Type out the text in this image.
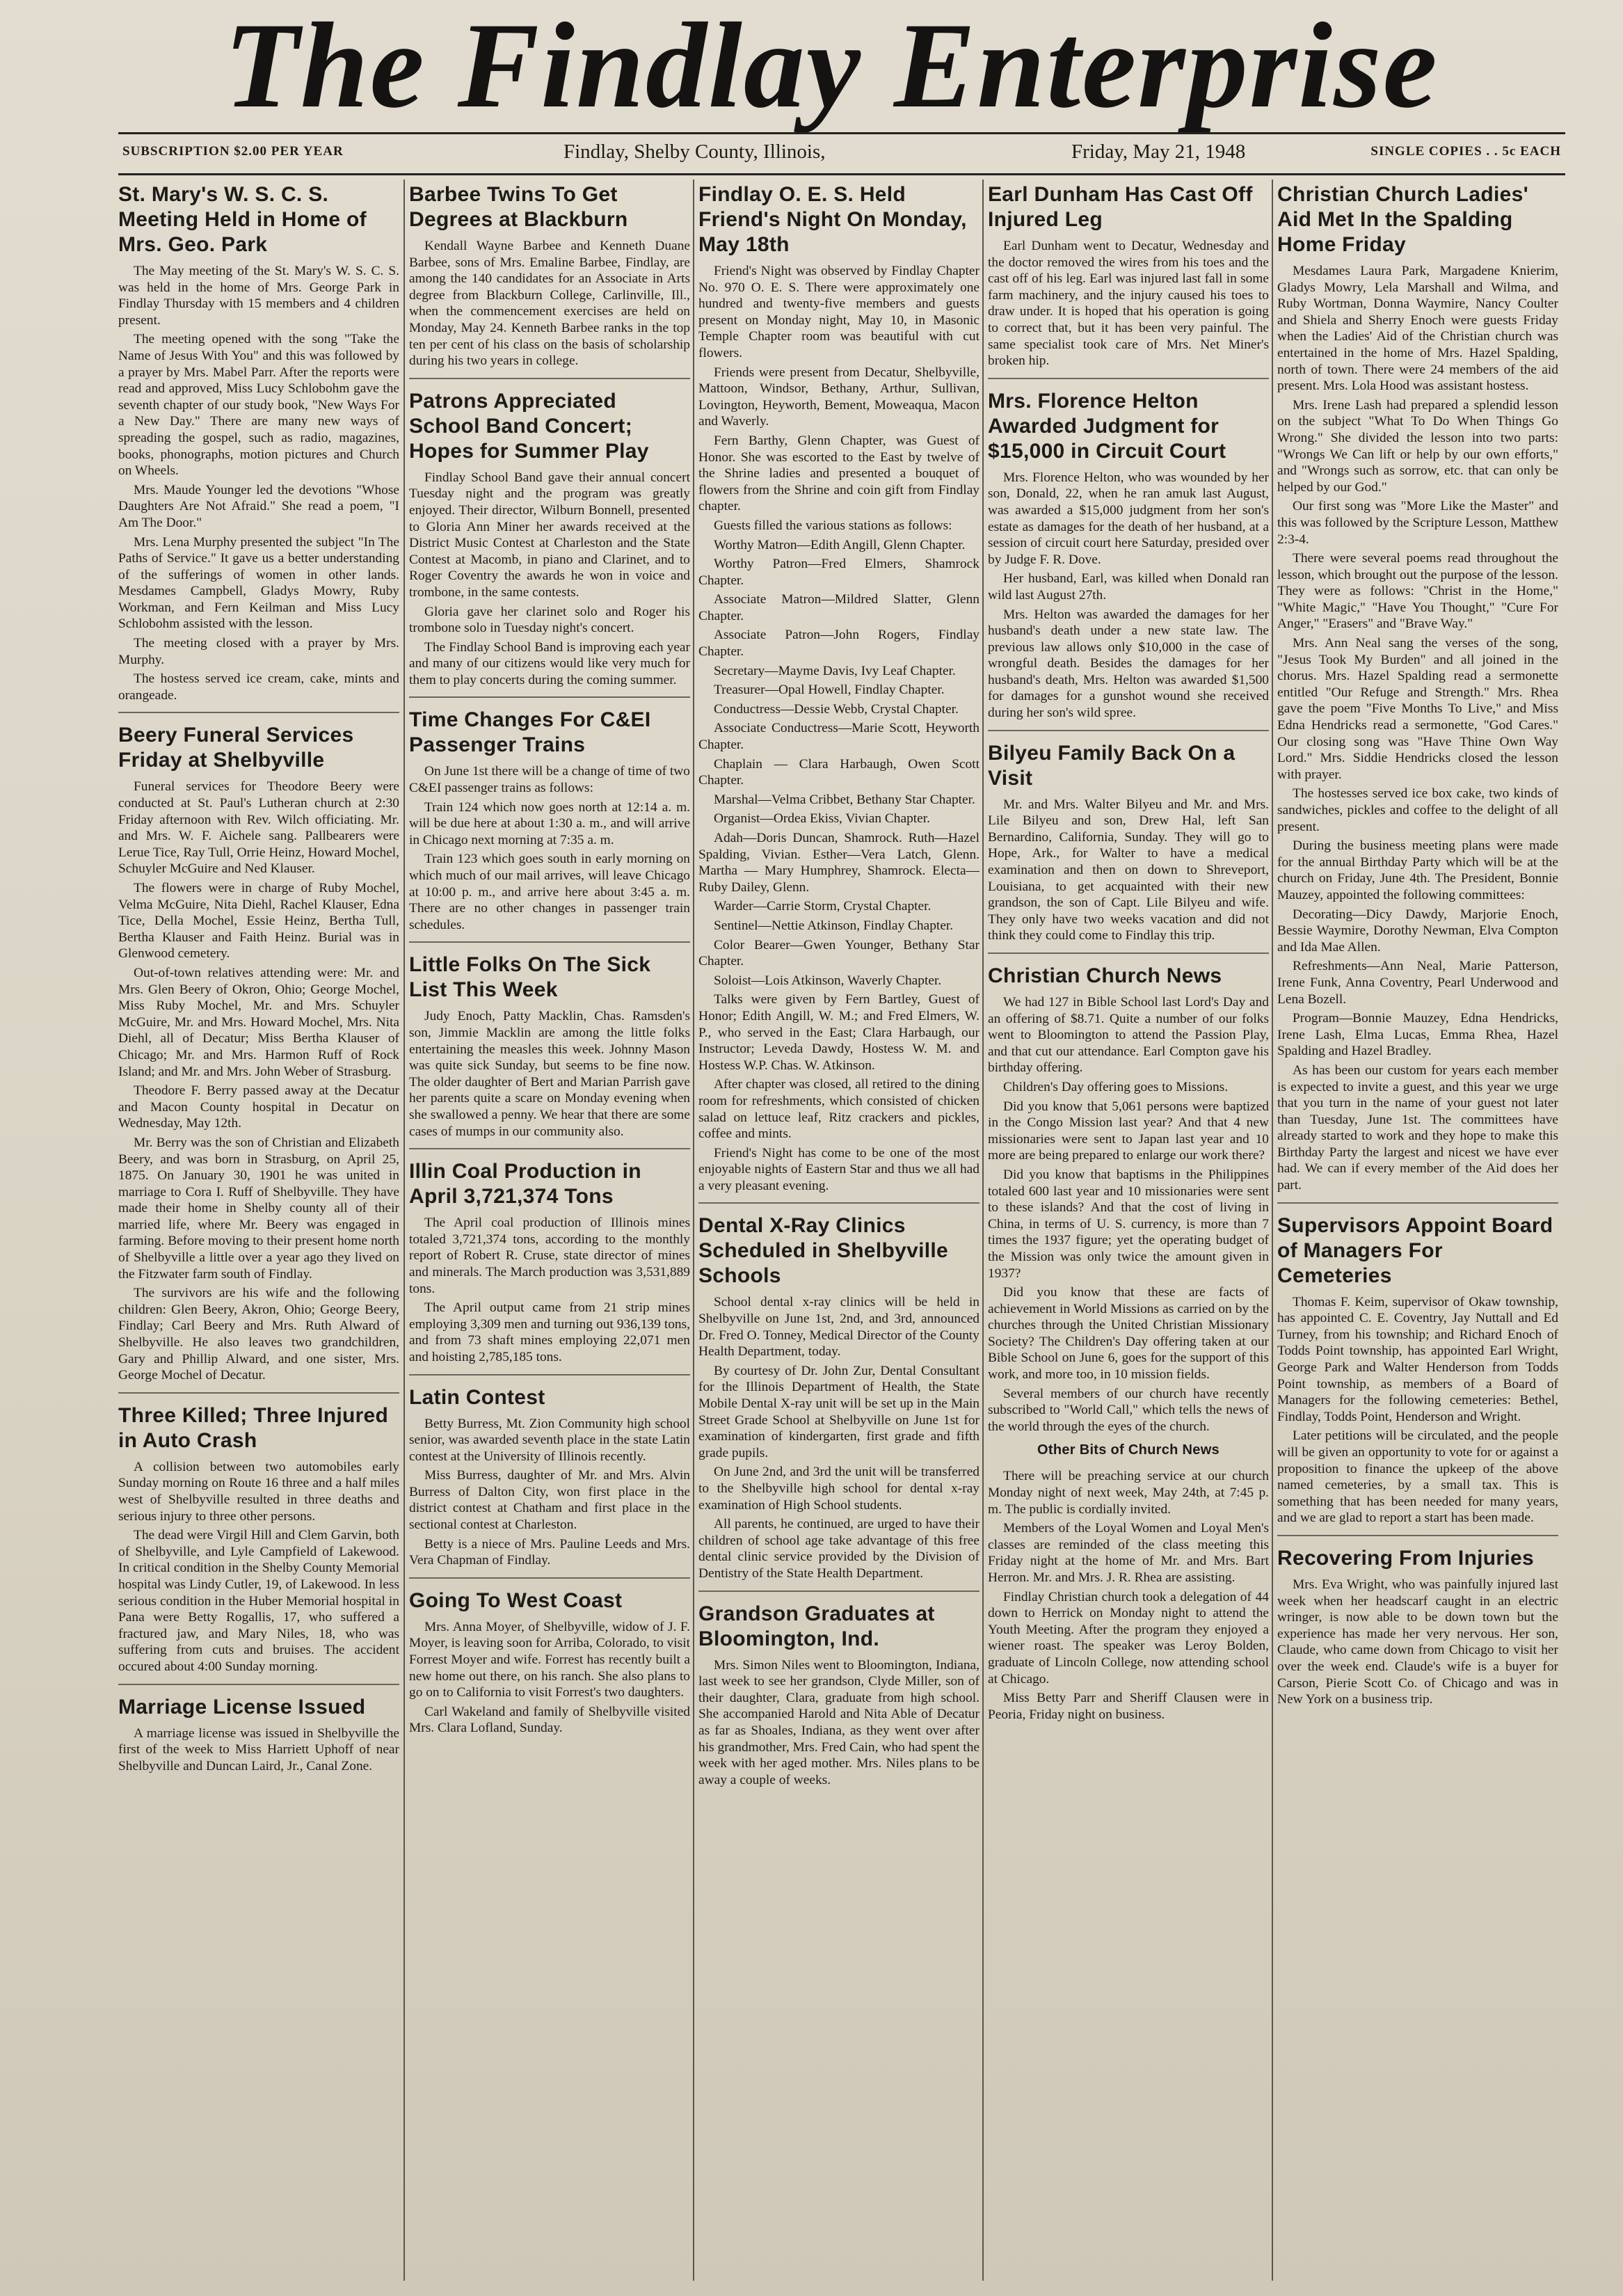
The Findlay Enterprise
SUBSCRIPTION $2.00 PER YEAR	Findlay, Shelby County, Illinois,	Friday, May 21, 1948	SINGLE COPIES . . 5c EACH
St. Mary's W. S. C. S. Meeting Held in Home of Mrs. Geo. Park

The May meeting of the St. Mary's W. S. C. S. was held in the home of Mrs. George Park in Findlay Thursday with 15 members and 4 children present.

The meeting opened with the song "Take the Name of Jesus With You" and this was followed by a prayer by Mrs. Mabel Parr. After the reports were read and approved, Miss Lucy Schlobohm gave the seventh chapter of our study book, "New Ways For a New Day." There are many new ways of spreading the gospel, such as radio, magazines, books, phonographs, motion pictures and Church on Wheels.

Mrs. Maude Younger led the devotions "Whose Daughters Are Not Afraid." She read a poem, "I Am The Door."

Mrs. Lena Murphy presented the subject "In The Paths of Service." It gave us a better understanding of the sufferings of women in other lands. Mesdames Campbell, Gladys Mowry, Ruby Workman, and Fern Keilman and Miss Lucy Schlobohm assisted with the lesson.

The meeting closed with a prayer by Mrs. Murphy.

The hostess served ice cream, cake, mints and orangeade.

Beery Funeral Services Friday at Shelbyville

Funeral services for Theodore Beery were conducted at St. Paul's Lutheran church at 2:30 Friday afternoon with Rev. Wilch officiating. Mr. and Mrs. W. F. Aichele sang. Pallbearers were Lerue Tice, Ray Tull, Orrie Heinz, Howard Mochel, Schuyler McGuire and Ned Klauser.

The flowers were in charge of Ruby Mochel, Velma McGuire, Nita Diehl, Rachel Klauser, Edna Tice, Della Mochel, Essie Heinz, Bertha Tull, Bertha Klauser and Faith Heinz. Burial was in Glenwood cemetery.

Out-of-town relatives attending were: Mr. and Mrs. Glen Beery of Okron, Ohio; George Mochel, Miss Ruby Mochel, Mr. and Mrs. Schuyler McGuire, Mr. and Mrs. Howard Mochel, Mrs. Nita Diehl, all of Decatur; Miss Bertha Klauser of Chicago; Mr. and Mrs. Harmon Ruff of Rock Island; and Mr. and Mrs. John Weber of Strasburg.

Theodore F. Berry passed away at the Decatur and Macon County hospital in Decatur on Wednesday, May 12th.

Mr. Berry was the son of Christian and Elizabeth Beery, and was born in Strasburg, on April 25, 1875. On January 30, 1901 he was united in marriage to Cora I. Ruff of Shelbyville. They have made their home in Shelby county all of their married life, where Mr. Beery was engaged in farming. Before moving to their present home north of Shelbyville a little over a year ago they lived on the Fitzwater farm south of Findlay.

The survivors are his wife and the following children: Glen Beery, Akron, Ohio; George Beery, Findlay; Carl Beery and Mrs. Ruth Alward of Shelbyville. He also leaves two grandchildren, Gary and Phillip Alward, and one sister, Mrs. George Mochel of Decatur.

Three Killed; Three Injured in Auto Crash

A collision between two automobiles early Sunday morning on Route 16 three and a half miles west of Shelbyville resulted in three deaths and serious injury to three other persons.

The dead were Virgil Hill and Clem Garvin, both of Shelbyville, and Lyle Campfield of Lakewood. In critical condition in the Shelby County Memorial hospital was Lindy Cutler, 19, of Lakewood. In less serious condition in the Huber Memorial hospital in Pana were Betty Rogallis, 17, who suffered a fractured jaw, and Mary Niles, 18, who was suffering from cuts and bruises. The accident occured about 4:00 Sunday morning.

Marriage License Issued

A marriage license was issued in Shelbyville the first of the week to Miss Harriett Uphoff of near Shelbyville and Duncan Laird, Jr., Canal Zone.

Barbee Twins To Get Degrees at Blackburn

Kendall Wayne Barbee and Kenneth Duane Barbee, sons of Mrs. Emaline Barbee, Findlay, are among the 140 candidates for an Associate in Arts degree from Blackburn College, Carlinville, Ill., when the commencement exercises are held on Monday, May 24. Kenneth Barbee ranks in the top ten per cent of his class on the basis of scholarship during his two years in college.

Patrons Appreciated School Band Concert; Hopes for Summer Play

Findlay School Band gave their annual concert Tuesday night and the program was greatly enjoyed. Their director, Wilburn Bonnell, presented to Gloria Ann Miner her awards received at the District Music Contest at Charleston and the State Contest at Macomb, in piano and Clarinet, and to Roger Coventry the awards he won in voice and trombone, in the same contests.

Gloria gave her clarinet solo and Roger his trombone solo in Tuesday night's concert.

The Findlay School Band is improving each year and many of our citizens would like very much for them to play concerts during the coming summer.

Time Changes For C&EI Passenger Trains

On June 1st there will be a change of time of two C&EI passenger trains as follows:

Train 124 which now goes north at 12:14 a. m. will be due here at about 1:30 a. m., and will arrive in Chicago next morning at 7:35 a. m.

Train 123 which goes south in early morning on which much of our mail arrives, will leave Chicago at 10:00 p. m., and arrive here about 3:45 a. m. There are no other changes in passenger train schedules.

Little Folks On The Sick List This Week

Judy Enoch, Patty Macklin, Chas. Ramsden's son, Jimmie Macklin are among the little folks entertaining the measles this week. Johnny Mason was quite sick Sunday, but seems to be fine now. The older daughter of Bert and Marian Parrish gave her parents quite a scare on Monday evening when she swallowed a penny. We hear that there are some cases of mumps in our community also.

Illin Coal Production in April 3,721,374 Tons

The April coal production of Illinois mines totaled 3,721,374 tons, according to the monthly report of Robert R. Cruse, state director of mines and minerals. The March production was 3,531,889 tons.

The April output came from 21 strip mines employing 3,309 men and turning out 936,139 tons, and from 73 shaft mines employing 22,071 men and hoisting 2,785,185 tons.

Latin Contest

Betty Burress, Mt. Zion Community high school senior, was awarded seventh place in the state Latin contest at the University of Illinois recently.

Miss Burress, daughter of Mr. and Mrs. Alvin Burress of Dalton City, won first place in the district contest at Chatham and first place in the sectional contest at Charleston.

Betty is a niece of Mrs. Pauline Leeds and Mrs. Vera Chapman of Findlay.

Going To West Coast

Mrs. Anna Moyer, of Shelbyville, widow of J. F. Moyer, is leaving soon for Arriba, Colorado, to visit Forrest Moyer and wife. Forrest has recently built a new home out there, on his ranch. She also plans to go on to California to visit Forrest's two daughters.

Carl Wakeland and family of Shelbyville visited Mrs. Clara Lofland, Sunday.

Findlay O. E. S. Held Friend's Night On Monday, May 18th

Friend's Night was observed by Findlay Chapter No. 970 O. E. S. There were approximately one hundred and twenty-five members and guests present on Monday night, May 10, in Masonic Temple Chapter room was beautiful with cut flowers.

Friends were present from Decatur, Shelbyville, Mattoon, Windsor, Bethany, Arthur, Sullivan, Lovington, Heyworth, Bement, Moweaqua, Macon and Waverly.

Fern Barthy, Glenn Chapter, was Guest of Honor. She was escorted to the East by twelve of the Shrine ladies and presented a bouquet of flowers from the Shrine and coin gift from Findlay chapter.

Guests filled the various stations as follows:

Worthy Matron—Edith Angill, Glenn Chapter.

Worthy Patron—Fred Elmers, Shamrock Chapter.

Associate Matron—Mildred Slatter, Glenn Chapter.

Associate Patron—John Rogers, Findlay Chapter.

Secretary—Mayme Davis, Ivy Leaf Chapter.

Treasurer—Opal Howell, Findlay Chapter.

Conductress—Dessie Webb, Crystal Chapter.

Associate Conductress—Marie Scott, Heyworth Chapter.

Chaplain — Clara Harbaugh, Owen Scott Chapter.

Marshal—Velma Cribbet, Bethany Star Chapter.

Organist—Ordea Ekiss, Vivian Chapter.

Adah—Doris Duncan, Shamrock. Ruth—Hazel Spalding, Vivian. Esther—Vera Latch, Glenn. Martha — Mary Humphrey, Shamrock. Electa—Ruby Dailey, Glenn.

Warder—Carrie Storm, Crystal Chapter.

Sentinel—Nettie Atkinson, Findlay Chapter.

Color Bearer—Gwen Younger, Bethany Star Chapter.

Soloist—Lois Atkinson, Waverly Chapter.

Talks were given by Fern Bartley, Guest of Honor; Edith Angill, W. M.; and Fred Elmers, W. P., who served in the East; Clara Harbaugh, our Instructor; Leveda Dawdy, Hostess W. M. and Hostess W.P. Chas. W. Atkinson.

After chapter was closed, all retired to the dining room for refreshments, which consisted of chicken salad on lettuce leaf, Ritz crackers and pickles, coffee and mints.

Friend's Night has come to be one of the most enjoyable nights of Eastern Star and thus we all had a very pleasant evening.

Dental X-Ray Clinics Scheduled in Shelbyville Schools

School dental x-ray clinics will be held in Shelbyville on June 1st, 2nd, and 3rd, announced Dr. Fred O. Tonney, Medical Director of the County Health Department, today.

By courtesy of Dr. John Zur, Dental Consultant for the Illinois Department of Health, the State Mobile Dental X-ray unit will be set up in the Main Street Grade School at Shelbyville on June 1st for examination of kindergarten, first grade and fifth grade pupils.

On June 2nd, and 3rd the unit will be transferred to the Shelbyville high school for dental x-ray examination of High School students.

All parents, he continued, are urged to have their children of school age take advantage of this free dental clinic service provided by the Division of Dentistry of the State Health Department.

Grandson Graduates at Bloomington, Ind.

Mrs. Simon Niles went to Bloomington, Indiana, last week to see her grandson, Clyde Miller, son of their daughter, Clara, graduate from high school. She accompanied Harold and Nita Able of Decatur as far as Shoales, Indiana, as they went over after his grandmother, Mrs. Fred Cain, who had spent the week with her aged mother. Mrs. Niles plans to be away a couple of weeks.

Earl Dunham Has Cast Off Injured Leg

Earl Dunham went to Decatur, Wednesday and the doctor removed the wires from his toes and the cast off of his leg. Earl was injured last fall in some farm machinery, and the injury caused his toes to draw under. It is hoped that his operation is going to correct that, but it has been very painful. The same specialist took care of Mrs. Net Miner's broken hip.

Mrs. Florence Helton Awarded Judgment for $15,000 in Circuit Court

Mrs. Florence Helton, who was wounded by her son, Donald, 22, when he ran amuk last August, was awarded a $15,000 judgment from her son's estate as damages for the death of her husband, at a session of circuit court here Saturday, presided over by Judge F. R. Dove.

Her husband, Earl, was killed when Donald ran wild last August 27th.

Mrs. Helton was awarded the damages for her husband's death under a new state law. The previous law allows only $10,000 in the case of wrongful death. Besides the damages for her husband's death, Mrs. Helton was awarded $1,500 for damages for a gunshot wound she received during her son's wild spree.

Bilyeu Family Back On a Visit

Mr. and Mrs. Walter Bilyeu and Mr. and Mrs. Lile Bilyeu and son, Drew Hal, left San Bernardino, California, Sunday. They will go to Hope, Ark., for Walter to have a medical examination and then on down to Shreveport, Louisiana, to get acquainted with their new grandson, the son of Capt. Lile Bilyeu and wife. They only have two weeks vacation and did not think they could come to Findlay this trip.

Christian Church News

We had 127 in Bible School last Lord's Day and an offering of $8.71. Quite a number of our folks went to Bloomington to attend the Passion Play, and that cut our attendance. Earl Compton gave his birthday offering.

Children's Day offering goes to Missions.

Did you know that 5,061 persons were baptized in the Congo Mission last year? And that 4 new missionaries were sent to Japan last year and 10 more are being prepared to enlarge our work there?

Did you know that baptisms in the Philippines totaled 600 last year and 10 missionaries were sent to these islands? And that the cost of living in China, in terms of U. S. currency, is more than 7 times the 1937 figure; yet the operating budget of the Mission was only twice the amount given in 1937?

Did you know that these are facts of achievement in World Missions as carried on by the churches through the United Christian Missionary Society? The Children's Day offering taken at our Bible School on June 6, goes for the support of this work, and more too, in 10 mission fields.

Several members of our church have recently subscribed to "World Call," which tells the news of the world through the eyes of the church.

Other Bits of Church News

There will be preaching service at our church Monday night of next week, May 24th, at 7:45 p. m. The public is cordially invited.

Members of the Loyal Women and Loyal Men's classes are reminded of the class meeting this Friday night at the home of Mr. and Mrs. Bart Herron. Mr. and Mrs. J. R. Rhea are assisting.

Findlay Christian church took a delegation of 44 down to Herrick on Monday night to attend the Youth Meeting. After the program they enjoyed a wiener roast. The speaker was Leroy Bolden, graduate of Lincoln College, now attending school at Chicago.

Miss Betty Parr and Sheriff Clausen were in Peoria, Friday night on business.

Christian Church Ladies' Aid Met In the Spalding Home Friday

Mesdames Laura Park, Margadene Knierim, Gladys Mowry, Lela Marshall and Wilma, and Ruby Wortman, Donna Waymire, Nancy Coulter and Shiela and Sherry Enoch were guests Friday when the Ladies' Aid of the Christian church was entertained in the home of Mrs. Hazel Spalding, north of town. There were 24 members of the aid present. Mrs. Lola Hood was assistant hostess.

Mrs. Irene Lash had prepared a splendid lesson on the subject "What To Do When Things Go Wrong." She divided the lesson into two parts: "Wrongs We Can lift or help by our own efforts," and "Wrongs such as sorrow, etc. that can only be helped by our God."

Our first song was "More Like the Master" and this was followed by the Scripture Lesson, Matthew 2:3-4.

There were several poems read throughout the lesson, which brought out the purpose of the lesson. They were as follows: "Christ in the Home," "White Magic," "Have You Thought," "Cure For Anger," "Erasers" and "Brave Way."

Mrs. Ann Neal sang the verses of the song, "Jesus Took My Burden" and all joined in the chorus. Mrs. Hazel Spalding read a sermonette entitled "Our Refuge and Strength." Mrs. Rhea gave the poem "Five Months To Live," and Miss Edna Hendricks read a sermonette, "God Cares." Our closing song was "Have Thine Own Way Lord." Mrs. Siddie Hendricks closed the lesson with prayer.

The hostesses served ice box cake, two kinds of sandwiches, pickles and coffee to the delight of all present.

During the business meeting plans were made for the annual Birthday Party which will be at the church on Friday, June 4th. The President, Bonnie Mauzey, appointed the following committees:

Decorating—Dicy Dawdy, Marjorie Enoch, Bessie Waymire, Dorothy Newman, Elva Compton and Ida Mae Allen.

Refreshments—Ann Neal, Marie Patterson, Irene Funk, Anna Coventry, Pearl Underwood and Lena Bozell.

Program—Bonnie Mauzey, Edna Hendricks, Irene Lash, Elma Lucas, Emma Rhea, Hazel Spalding and Hazel Bradley.

As has been our custom for years each member is expected to invite a guest, and this year we urge that you turn in the name of your guest not later than Tuesday, June 1st. The committees have already started to work and they hope to make this Birthday Party the largest and nicest we have ever had. We can if every member of the Aid does her part.

Supervisors Appoint Board of Managers For Cemeteries

Thomas F. Keim, supervisor of Okaw township, has appointed C. E. Coventry, Jay Nuttall and Ed Turney, from his township; and Richard Enoch of Todds Point township, has appointed Earl Wright, George Park and Walter Henderson from Todds Point township, as members of a Board of Managers for the following cemeteries: Bethel, Findlay, Todds Point, Henderson and Wright.

Later petitions will be circulated, and the people will be given an opportunity to vote for or against a proposition to finance the upkeep of the above named cemeteries, by a small tax. This is something that has been needed for many years, and we are glad to report a start has been made.

Recovering From Injuries

Mrs. Eva Wright, who was painfully injured last week when her headscarf caught in an electric wringer, is now able to be down town but the experience has made her very nervous. Her son, Claude, who came down from Chicago to visit her over the week end. Claude's wife is a buyer for Carson, Pierie Scott Co. of Chicago and was in New York on a business trip.
